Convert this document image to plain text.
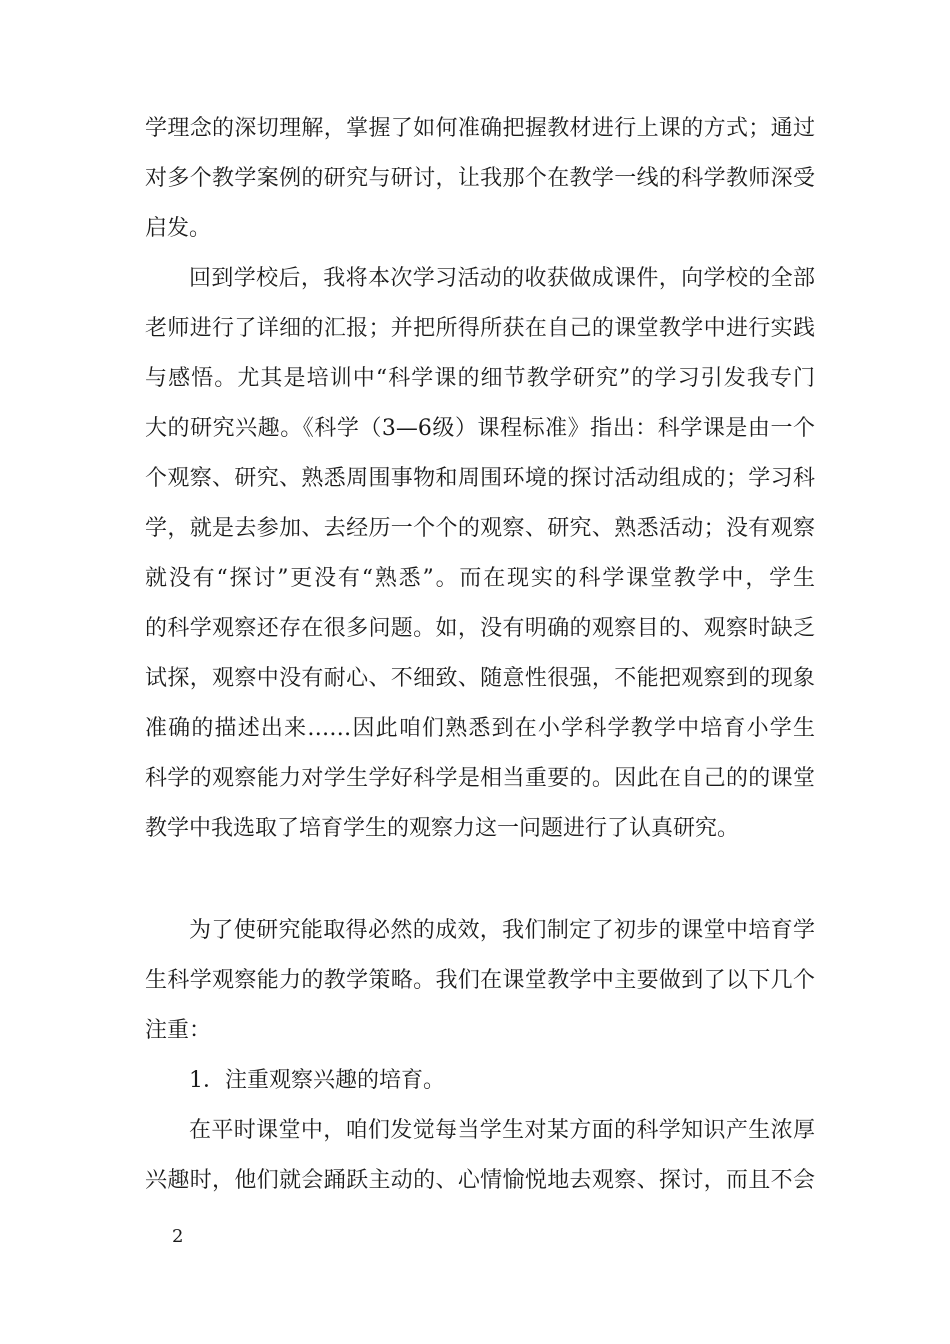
学理念的深切理解，掌握了如何准确把握教材进行上课的方式；通过
对多个教学案例的研究与研讨，让我那个在教学一线的科学教师深受
启发。
回到学校后，我将本次学习活动的收获做成课件，向学校的全部
老师进行了详细的汇报；并把所得所获在自己的课堂教学中进行实践
与感悟。尤其是培训中“科学课的细节教学研究”的学习引发我专门
大的研究兴趣。《科学（3—6级）课程标准》指出：科学课是由一个
个观察、研究、熟悉周围事物和周围环境的探讨活动组成的；学习科
学，就是去参加、去经历一个个的观察、研究、熟悉活动；没有观察
就没有“探讨”更没有“熟悉”。而在现实的科学课堂教学中，学生
的科学观察还存在很多问题。如，没有明确的观察目的、观察时缺乏
试探，观察中没有耐心、不细致、随意性很强，不能把观察到的现象
准确的描述出来……因此咱们熟悉到在小学科学教学中培育小学生
科学的观察能力对学生学好科学是相当重要的。因此在自己的的课堂
教学中我选取了培育学生的观察力这一问题进行了认真研究。
为了使研究能取得必然的成效，我们制定了初步的课堂中培育学
生科学观察能力的教学策略。我们在课堂教学中主要做到了以下几个
注重：
1．注重观察兴趣的培育。
在平时课堂中，咱们发觉每当学生对某方面的科学知识产生浓厚
兴趣时，他们就会踊跃主动的、心情愉悦地去观察、探讨，而且不会
2
